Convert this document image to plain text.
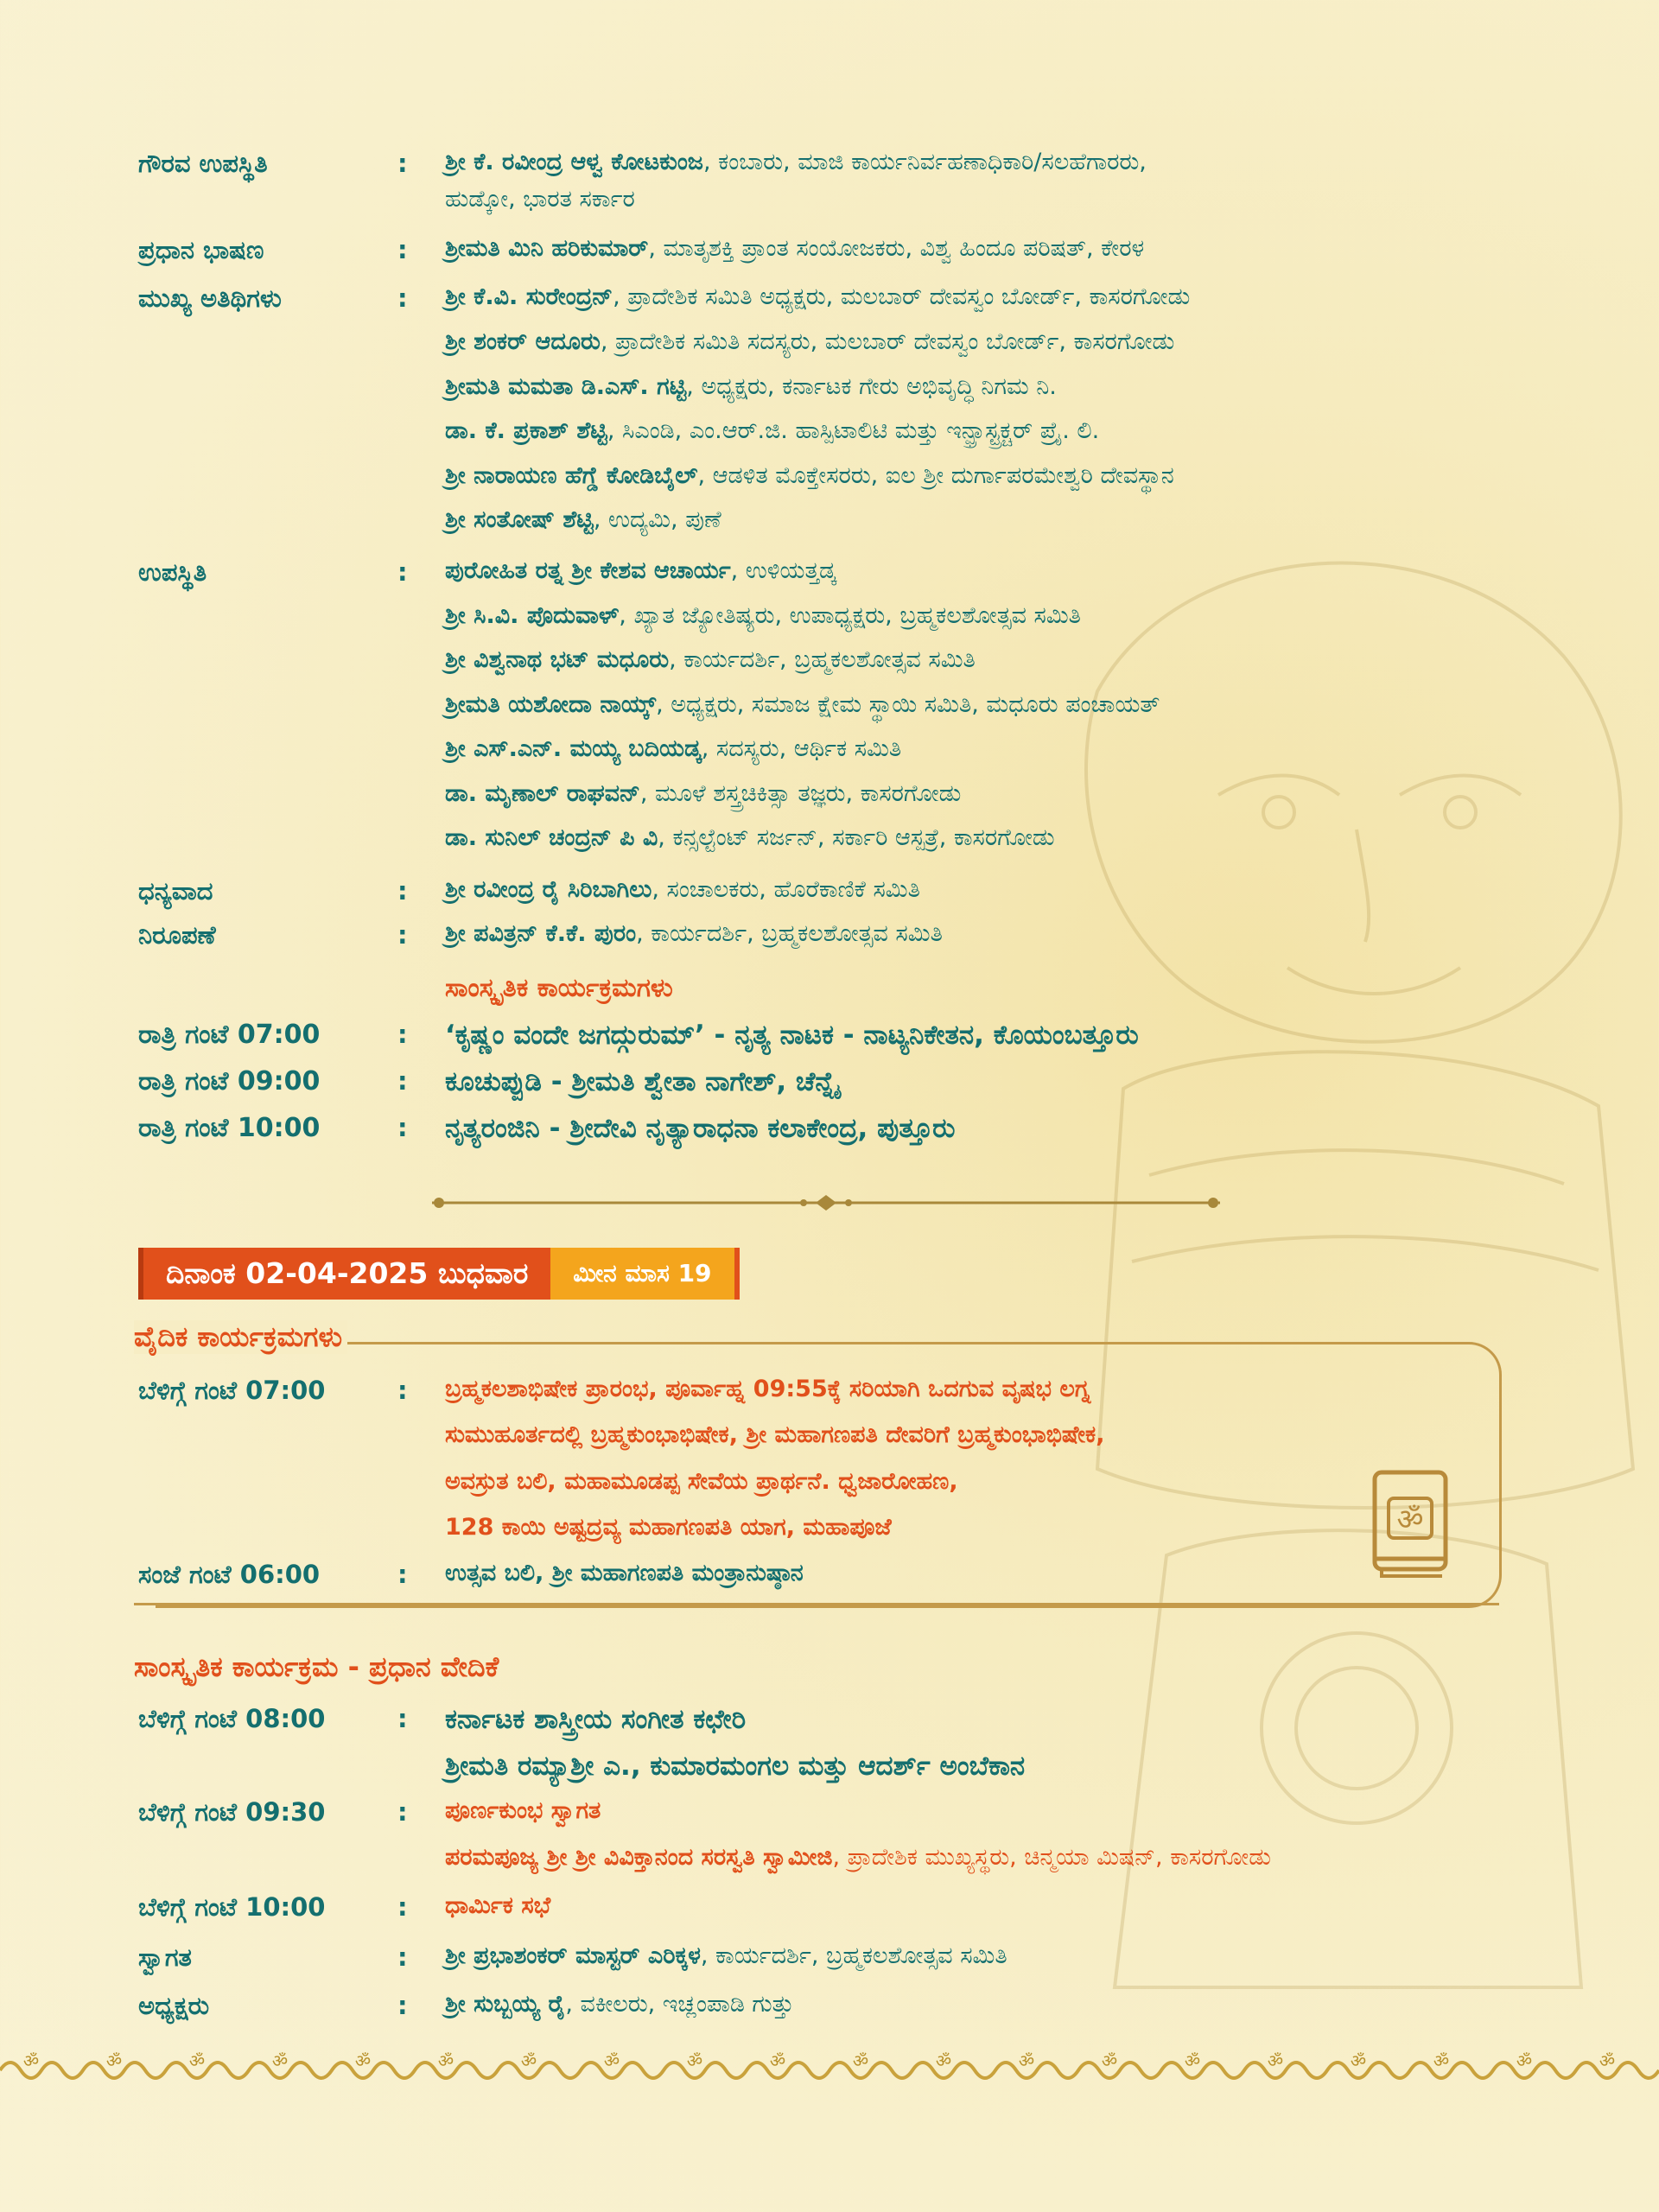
ಗೌರವ ಉಪಸ್ಥಿತಿ	: ಶ್ರೀ ಕೆ. ರವೀಂದ್ರ ಆಳ್ವ ಕೋಟಕುಂಜ, ಕಂಬಾರು, ಮಾಜಿ ಕಾರ್ಯನಿರ್ವಹಣಾಧಿಕಾರಿ/ಸಲಹೆಗಾರರು,
ಹುಡ್ಕೋ, ಭಾರತ ಸರ್ಕಾರ
ಪ್ರಧಾನ ಭಾಷಣ	: ಶ್ರೀಮತಿ ಮಿನಿ ಹರಿಕುಮಾರ್, ಮಾತೃಶಕ್ತಿ ಪ್ರಾಂತ ಸಂಯೋಜಕರು, ವಿಶ್ವ ಹಿಂದೂ ಪರಿಷತ್, ಕೇರಳ
ಮುಖ್ಯ ಅತಿಥಿಗಳು	: ಶ್ರೀ ಕೆ.ವಿ. ಸುರೇಂದ್ರನ್, ಪ್ರಾದೇಶಿಕ ಸಮಿತಿ ಅಧ್ಯಕ್ಷರು, ಮಲಬಾರ್ ದೇವಸ್ವಂ ಬೋರ್ಡ್, ಕಾಸರಗೋಡು
ಶ್ರೀ ಶಂಕರ್ ಆದೂರು, ಪ್ರಾದೇಶಿಕ ಸಮಿತಿ ಸದಸ್ಯರು, ಮಲಬಾರ್ ದೇವಸ್ವಂ ಬೋರ್ಡ್, ಕಾಸರಗೋಡು
ಶ್ರೀಮತಿ ಮಮತಾ ಡಿ.ಎಸ್. ಗಟ್ಟಿ, ಅಧ್ಯಕ್ಷರು, ಕರ್ನಾಟಕ ಗೇರು ಅಭಿವೃದ್ಧಿ ನಿಗಮ ನಿ.
ಡಾ. ಕೆ. ಪ್ರಕಾಶ್ ಶೆಟ್ಟಿ, ಸಿಎಂಡಿ, ಎಂ.ಆರ್.ಜಿ. ಹಾಸ್ಪಿಟಾಲಿಟಿ ಮತ್ತು ಇನ್ಫ್ರಾಸ್ಟ್ರಕ್ಚರ್ ಪ್ರೈ. ಲಿ.
ಶ್ರೀ ನಾರಾಯಣ ಹೆಗ್ಡೆ ಕೋಡಿಬೈಲ್, ಆಡಳಿತ ಮೊಕ್ತೇಸರರು, ಐಲ ಶ್ರೀ ದುರ್ಗಾಪರಮೇಶ್ವರಿ ದೇವಸ್ಥಾನ
ಶ್ರೀ ಸಂತೋಷ್ ಶೆಟ್ಟಿ, ಉದ್ಯಮಿ, ಪುಣೆ
ಉಪಸ್ಥಿತಿ	: ಪುರೋಹಿತ ರತ್ನ ಶ್ರೀ ಕೇಶವ ಆಚಾರ್ಯ, ಉಳಿಯತ್ತಡ್ಕ
ಶ್ರೀ ಸಿ.ವಿ. ಪೊದುವಾಳ್, ಖ್ಯಾತ ಜ್ಯೋತಿಷ್ಯರು, ಉಪಾಧ್ಯಕ್ಷರು, ಬ್ರಹ್ಮಕಲಶೋತ್ಸವ ಸಮಿತಿ
ಶ್ರೀ ವಿಶ್ವನಾಥ ಭಟ್ ಮಧೂರು, ಕಾರ್ಯದರ್ಶಿ, ಬ್ರಹ್ಮಕಲಶೋತ್ಸವ ಸಮಿತಿ
ಶ್ರೀಮತಿ ಯಶೋದಾ ನಾಯ್ಕ್, ಅಧ್ಯಕ್ಷರು, ಸಮಾಜ ಕ್ಷೇಮ ಸ್ಥಾಯಿ ಸಮಿತಿ, ಮಧೂರು ಪಂಚಾಯತ್
ಶ್ರೀ ಎಸ್.ಎನ್. ಮಯ್ಯ ಬದಿಯಡ್ಕ, ಸದಸ್ಯರು, ಆರ್ಥಿಕ ಸಮಿತಿ
ಡಾ. ಮೃಣಾಲ್ ರಾಘವನ್, ಮೂಳೆ ಶಸ್ತ್ರಚಿಕಿತ್ಸಾ ತಜ್ಞರು, ಕಾಸರಗೋಡು
ಡಾ. ಸುನಿಲ್ ಚಂದ್ರನ್ ಪಿ ವಿ, ಕನ್ಸಲ್ಟೆಂಟ್ ಸರ್ಜನ್, ಸರ್ಕಾರಿ ಆಸ್ಪತ್ರೆ, ಕಾಸರಗೋಡು
ಧನ್ಯವಾದ	: ಶ್ರೀ ರವೀಂದ್ರ ರೈ ಸಿರಿಬಾಗಿಲು, ಸಂಚಾಲಕರು, ಹೊರೆಕಾಣಿಕೆ ಸಮಿತಿ
ನಿರೂಪಣೆ	: ಶ್ರೀ ಪವಿತ್ರನ್ ಕೆ.ಕೆ. ಪುರಂ, ಕಾರ್ಯದರ್ಶಿ, ಬ್ರಹ್ಮಕಲಶೋತ್ಸವ ಸಮಿತಿ
ಸಾಂಸ್ಕೃತಿಕ ಕಾರ್ಯಕ್ರಮಗಳು
ರಾತ್ರಿ ಗಂಟೆ 07:00	: ‘ಕೃಷ್ಣಂ ವಂದೇ ಜಗದ್ಗುರುಮ್’ - ನೃತ್ಯ ನಾಟಕ - ನಾಟ್ಯನಿಕೇತನ, ಕೊಯಂಬತ್ತೂರು
ರಾತ್ರಿ ಗಂಟೆ 09:00	: ಕೂಚುಪ್ಪುಡಿ - ಶ್ರೀಮತಿ ಶ್ವೇತಾ ನಾಗೇಶ್, ಚೆನ್ನೈ
ರಾತ್ರಿ ಗಂಟೆ 10:00	: ನೃತ್ಯರಂಜಿನಿ - ಶ್ರೀದೇವಿ ನೃತ್ಯಾರಾಧನಾ ಕಲಾಕೇಂದ್ರ, ಪುತ್ತೂರು
ದಿನಾಂಕ 02-04-2025 ಬುಧವಾರ	ಮೀನ ಮಾಸ 19
ವೈದಿಕ ಕಾರ್ಯಕ್ರಮಗಳು
ಬೆಳಿಗ್ಗೆ ಗಂಟೆ 07:00	: ಬ್ರಹ್ಮಕಲಶಾಭಿಷೇಕ ಪ್ರಾರಂಭ, ಪೂರ್ವಾಹ್ನ 09:55ಕ್ಕೆ ಸರಿಯಾಗಿ ಒದಗುವ ವೃಷಭ ಲಗ್ನ
ಸುಮುಹೂರ್ತದಲ್ಲಿ ಬ್ರಹ್ಮಕುಂಭಾಭಿಷೇಕ, ಶ್ರೀ ಮಹಾಗಣಪತಿ ದೇವರಿಗೆ ಬ್ರಹ್ಮಕುಂಭಾಭಿಷೇಕ,
ಅವಸ್ರುತ ಬಲಿ, ಮಹಾಮೂಡಪ್ಪ ಸೇವೆಯ ಪ್ರಾರ್ಥನೆ. ಧ್ವಜಾರೋಹಣ,
128 ಕಾಯಿ ಅಷ್ಟದ್ರವ್ಯ ಮಹಾಗಣಪತಿ ಯಾಗ, ಮಹಾಪೂಜೆ
ಸಂಜೆ ಗಂಟೆ 06:00	: ಉತ್ಸವ ಬಲಿ, ಶ್ರೀ ಮಹಾಗಣಪತಿ ಮಂತ್ರಾನುಷ್ಠಾನ
ॐ
ಸಾಂಸ್ಕೃತಿಕ ಕಾರ್ಯಕ್ರಮ - ಪ್ರಧಾನ ವೇದಿಕೆ
ಬೆಳಿಗ್ಗೆ ಗಂಟೆ 08:00	: ಕರ್ನಾಟಕ ಶಾಸ್ತ್ರೀಯ ಸಂಗೀತ ಕಛೇರಿ
ಶ್ರೀಮತಿ ರಮ್ಯಾಶ್ರೀ ಎ., ಕುಮಾರಮಂಗಲ ಮತ್ತು ಆದರ್ಶ್ ಅಂಬೆಕಾನ
ಬೆಳಿಗ್ಗೆ ಗಂಟೆ 09:30	: ಪೂರ್ಣಕುಂಭ ಸ್ವಾಗತ
ಪರಮಪೂಜ್ಯ ಶ್ರೀ ಶ್ರೀ ವಿವಿಕ್ತಾನಂದ ಸರಸ್ವತಿ ಸ್ವಾಮೀಜಿ, ಪ್ರಾದೇಶಿಕ ಮುಖ್ಯಸ್ಥರು, ಚಿನ್ಮಯಾ ಮಿಷನ್, ಕಾಸರಗೋಡು
ಬೆಳಿಗ್ಗೆ ಗಂಟೆ 10:00	: ಧಾರ್ಮಿಕ ಸಭೆ
ಸ್ವಾಗತ	: ಶ್ರೀ ಪ್ರಭಾಶಂಕರ್ ಮಾಸ್ಟರ್ ಎರಿಕ್ಕಳ, ಕಾರ್ಯದರ್ಶಿ, ಬ್ರಹ್ಮಕಲಶೋತ್ಸವ ಸಮಿತಿ
ಅಧ್ಯಕ್ಷರು	: ಶ್ರೀ ಸುಬ್ಬಯ್ಯ ರೈ, ವಕೀಲರು, ಇಚ್ಲಂಪಾಡಿ ಗುತ್ತು
ॐ	ॐ	ॐ	ॐ	ॐ	ॐ	ॐ	ॐ	ॐ	ॐ	ॐ	ॐ	ॐ	ॐ	ॐ	ॐ	ॐ	ॐ	ॐ	ॐ
